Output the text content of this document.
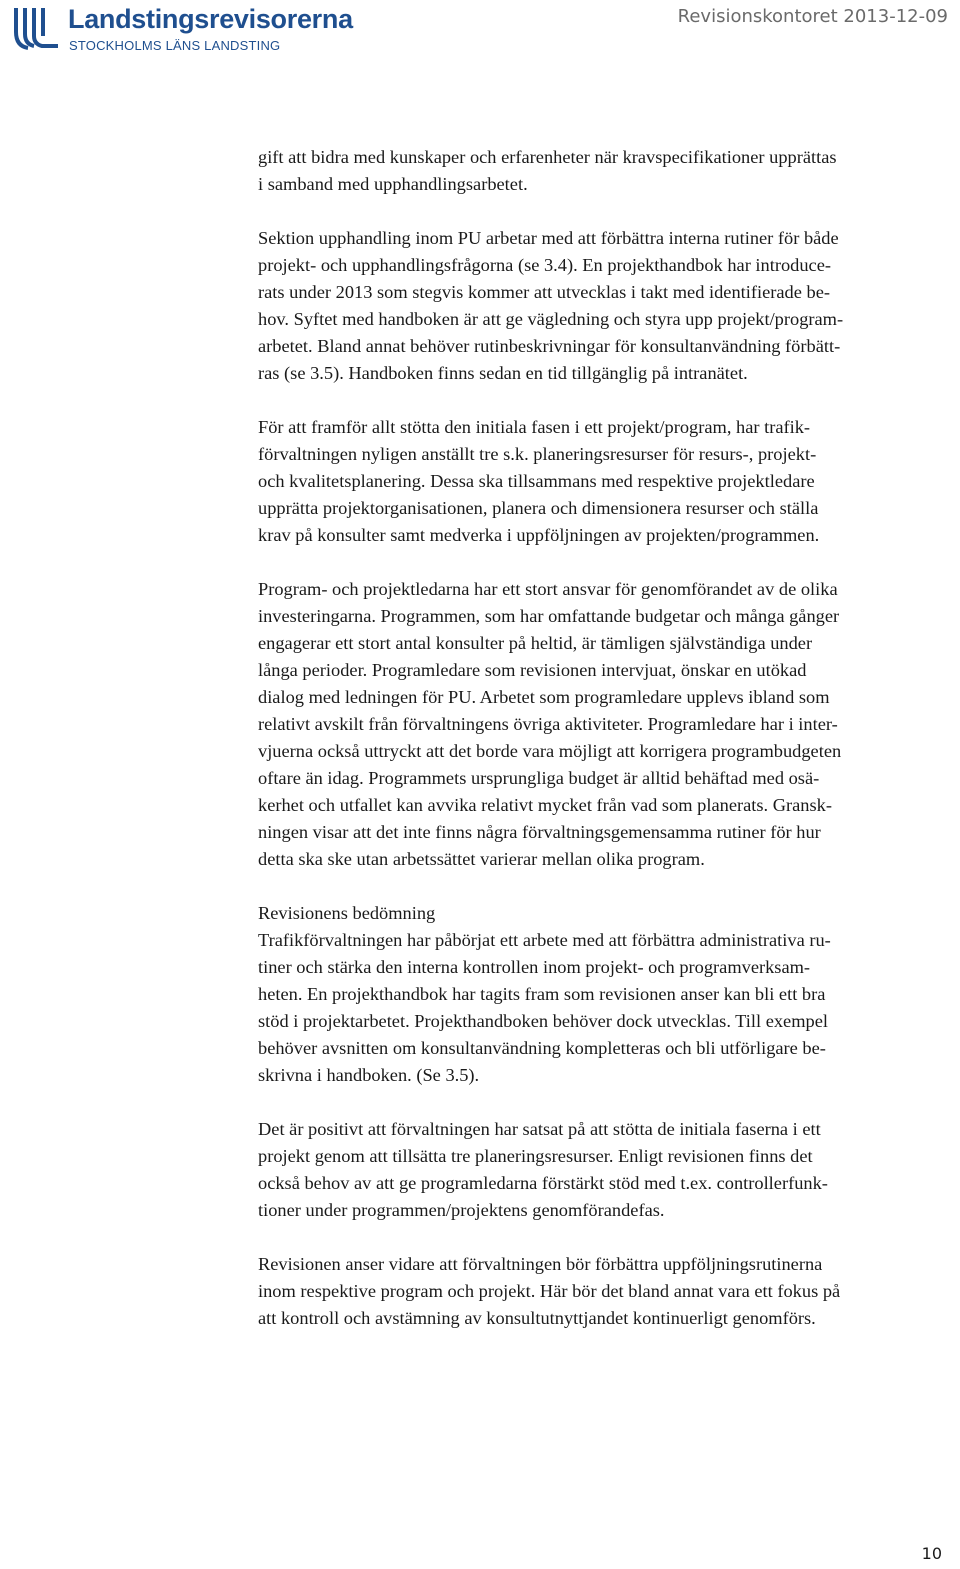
Landstingsrevisorerna
STOCKHOLMS LÄNS LANDSTING
Revisionskontoret 2013-12-09

gift att bidra med kunskaper och erfarenheter när kravspecifikationer upprättas
i samband med upphandlingsarbetet.

Sektion upphandling inom PU arbetar med att förbättra interna rutiner för både
projekt- och upphandlingsfrågorna (se 3.4). En projekthandbok har introduce-
rats under 2013 som stegvis kommer att utvecklas i takt med identifierade be-
hov. Syftet med handboken är att ge vägledning och styra upp projekt/program-
arbetet. Bland annat behöver rutinbeskrivningar för konsultanvändning förbätt-
ras (se 3.5). Handboken finns sedan en tid tillgänglig på intranätet.

För att framför allt stötta den initiala fasen i ett projekt/program, har trafik-
förvaltningen nyligen anställt tre s.k. planeringsresurser för resurs-, projekt-
och kvalitetsplanering. Dessa ska tillsammans med respektive projektledare
upprätta projektorganisationen, planera och dimensionera resurser och ställa
krav på konsulter samt medverka i uppföljningen av projekten/programmen.

Program- och projektledarna har ett stort ansvar för genomförandet av de olika
investeringarna. Programmen, som har omfattande budgetar och många gånger
engagerar ett stort antal konsulter på heltid, är tämligen självständiga under
långa perioder. Programledare som revisionen intervjuat, önskar en utökad
dialog med ledningen för PU. Arbetet som programledare upplevs ibland som
relativt avskilt från förvaltningens övriga aktiviteter. Programledare har i inter-
vjuerna också uttryckt att det borde vara möjligt att korrigera programbudgeten
oftare än idag. Programmets ursprungliga budget är alltid behäftad med osä-
kerhet och utfallet kan avvika relativt mycket från vad som planerats. Gransk-
ningen visar att det inte finns några förvaltningsgemensamma rutiner för hur
detta ska ske utan arbetssättet varierar mellan olika program.

Revisionens bedömning
Trafikförvaltningen har påbörjat ett arbete med att förbättra administrativa ru-
tiner och stärka den interna kontrollen inom projekt- och programverksam-
heten. En projekthandbok har tagits fram som revisionen anser kan bli ett bra
stöd i projektarbetet. Projekthandboken behöver dock utvecklas. Till exempel
behöver avsnitten om konsultanvändning kompletteras och bli utförligare be-
skrivna i handboken. (Se 3.5).

Det är positivt att förvaltningen har satsat på att stötta de initiala faserna i ett
projekt genom att tillsätta tre planeringsresurser. Enligt revisionen finns det
också behov av att ge programledarna förstärkt stöd med t.ex. controllerfunk-
tioner under programmen/projektens genomförandefas.

Revisionen anser vidare att förvaltningen bör förbättra uppföljningsrutinerna
inom respektive program och projekt. Här bör det bland annat vara ett fokus på
att kontroll och avstämning av konsultutnyttjandet kontinuerligt genomförs.

10
